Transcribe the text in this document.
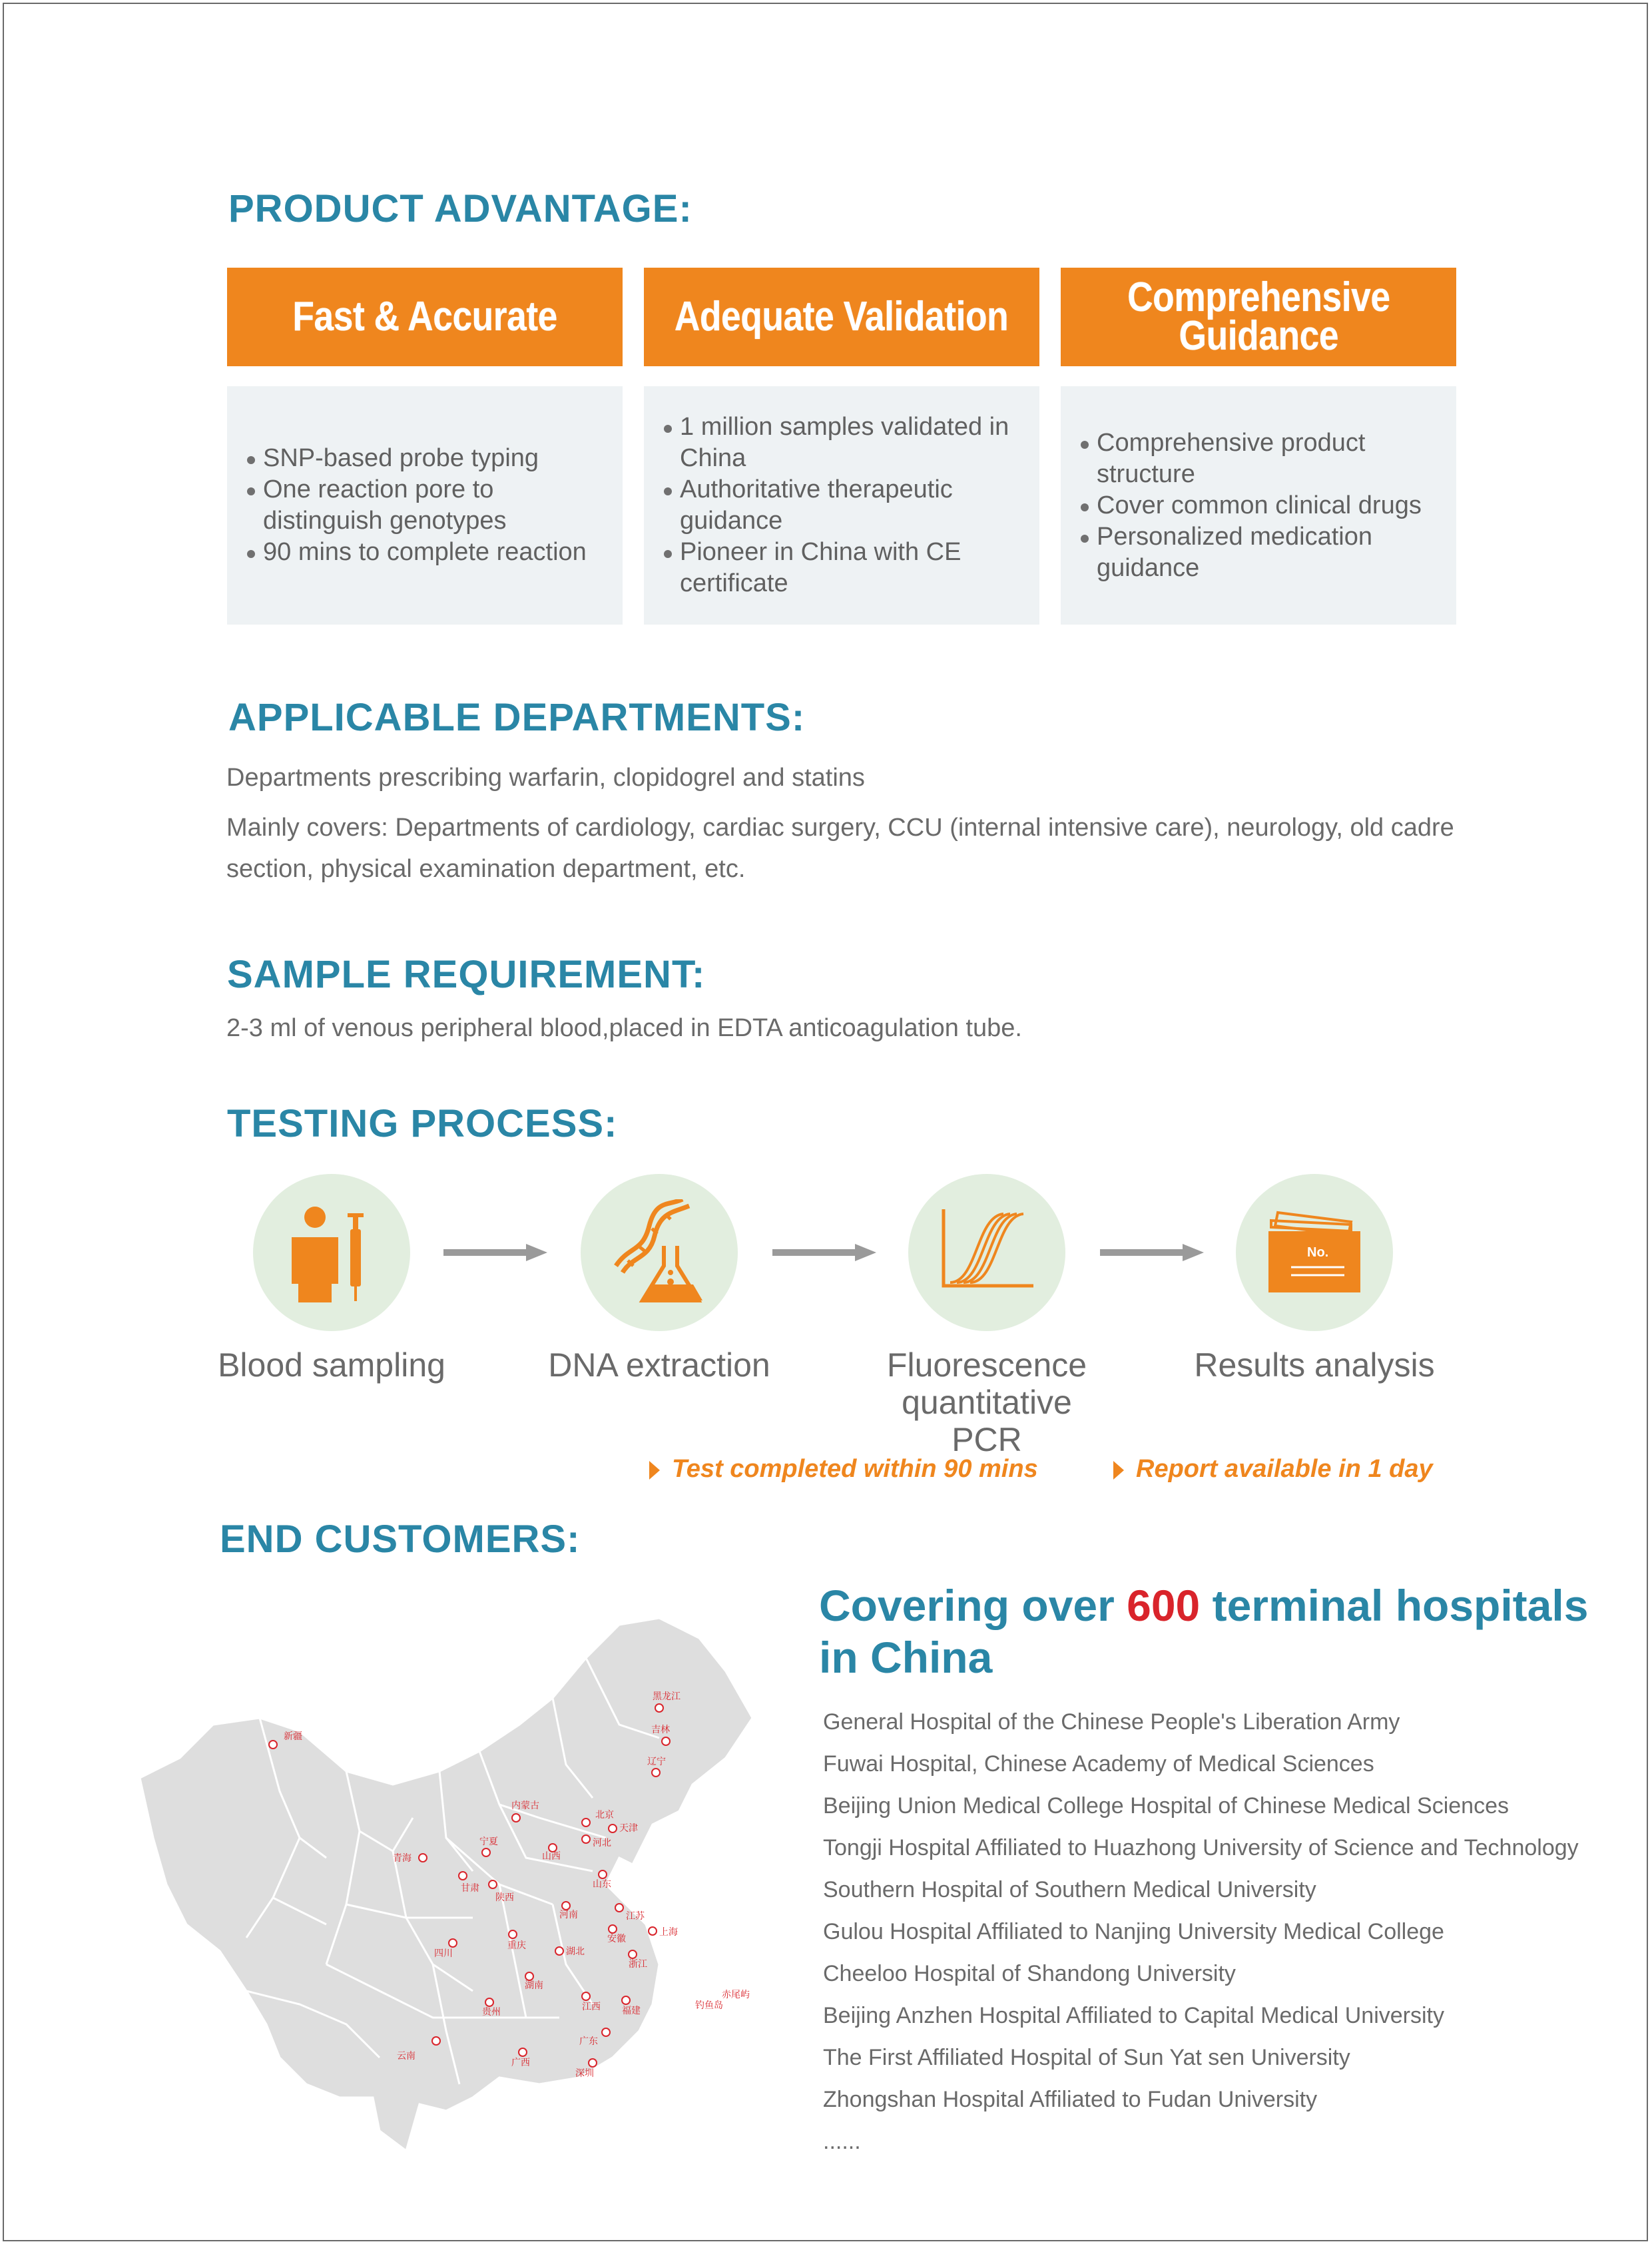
PRODUCT ADVANTAGE:
Fast & Accurate	Adequate Validation	Comprehensive Guidance
SNP-based probe typing
One reaction pore to distinguish genotypes
90 mins to complete reaction
1 million samples validated in China
Authoritative therapeutic guidance
Pioneer in China with CE certificate
Comprehensive product structure
Cover common clinical drugs
Personalized medication guidance
APPLICABLE DEPARTMENTS:

Departments prescribing warfarin, clopidogrel and statins

Mainly covers: Departments of cardiology, cardiac surgery, CCU (internal intensive care), neurology, old cadre section, physical examination department, etc.

SAMPLE REQUIREMENT:

2-3 ml of venous peripheral blood,placed in EDTA anticoagulation tube.

TESTING PROCESS:
No.
Blood sampling	DNA extraction	Fluorescence quantitative PCR
Results analysis
Test completed within 90 mins	Report available in 1 day
END CUSTOMERS:
新疆
黑龙江
吉林
辽宁
内蒙古
北京
天津
河北
山西
宁夏
青海
甘肃
陕西
山东
河南	江苏
上海
安徽
四川
重庆
湖北
浙江
湖南
贵州	江西 福建
云南
广西
广东
深圳
钓鱼岛
赤尾屿

Covering over 600 terminal hospitals in China

General Hospital of the Chinese People's Liberation Army
Fuwai Hospital, Chinese Academy of Medical Sciences
Beijing Union Medical College Hospital of Chinese Medical Sciences
Tongji Hospital Affiliated to Huazhong University of Science and Technology
Southern Hospital of Southern Medical University
Gulou Hospital Affiliated to Nanjing University Medical College
Cheeloo Hospital of Shandong University
Beijing Anzhen Hospital Affiliated to Capital Medical University
The First Affiliated Hospital of Sun Yat sen University
Zhongshan Hospital Affiliated to Fudan University
......
